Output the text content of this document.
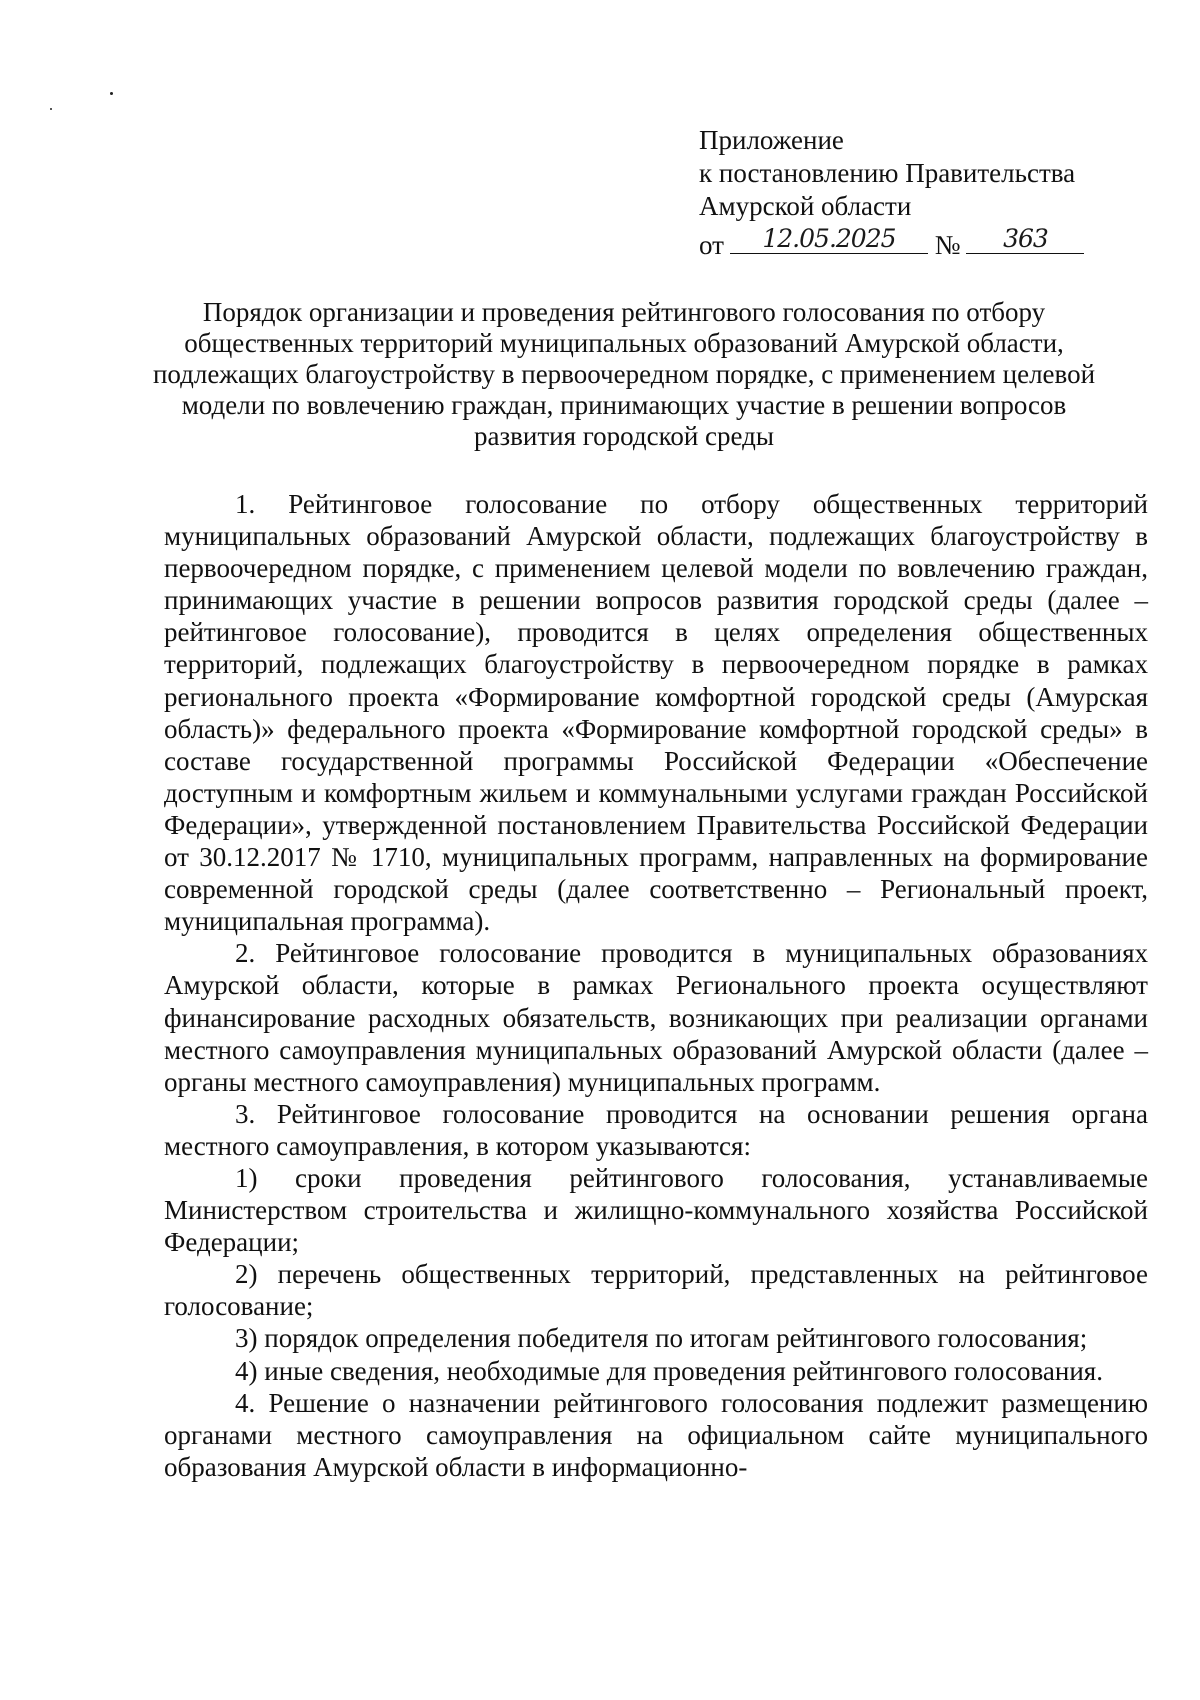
Приложение
к постановлению Правительства
Амурской области
от	12.05.2025	№	363
Порядок организации и проведения рейтингового голосования по отбору общественных территорий муниципальных образований Амурской области, подлежащих благоустройству в первоочередном порядке, с применением целевой модели по вовлечению граждан, принимающих участие в решении вопросов развития городской среды

1. Рейтинговое голосование по отбору общественных территорий муниципальных образований Амурской области, подлежащих благоустройству в первоочередном порядке, с применением целевой модели по вовлечению граждан, принимающих участие в решении вопросов развития городской среды (далее – рейтинговое голосование), проводится в целях определения общественных территорий, подлежащих благоустройству в первоочередном порядке в рамках регионального проекта «Формирование комфортной городской среды (Амурская область)» федерального проекта «Формирование комфортной городской среды» в составе государственной программы Российской Федерации «Обеспечение доступным и комфортным жильем и коммунальными услугами граждан Российской Федерации», утвержденной постановлением Правительства Российской Федерации от 30.12.2017 № 1710, муниципальных программ, направленных на формирование современной городской среды (далее соответственно – Региональный проект, муниципальная программа).

2. Рейтинговое голосование проводится в муниципальных образованиях Амурской области, которые в рамках Регионального проекта осуществляют финансирование расходных обязательств, возникающих при реализации органами местного самоуправления муниципальных образований Амурской области (далее – органы местного самоуправления) муниципальных программ.

3. Рейтинговое голосование проводится на основании решения органа местного самоуправления, в котором указываются:

1) сроки проведения рейтингового голосования, устанавливаемые Министерством строительства и жилищно-коммунального хозяйства Российской Федерации;

2) перечень общественных территорий, представленных на рейтинговое голосование;

3) порядок определения победителя по итогам рейтингового голосования;

4) иные сведения, необходимые для проведения рейтингового голосования.

4. Решение о назначении рейтингового голосования подлежит размещению органами местного самоуправления на официальном сайте муниципального образования Амурской области в информационно-
